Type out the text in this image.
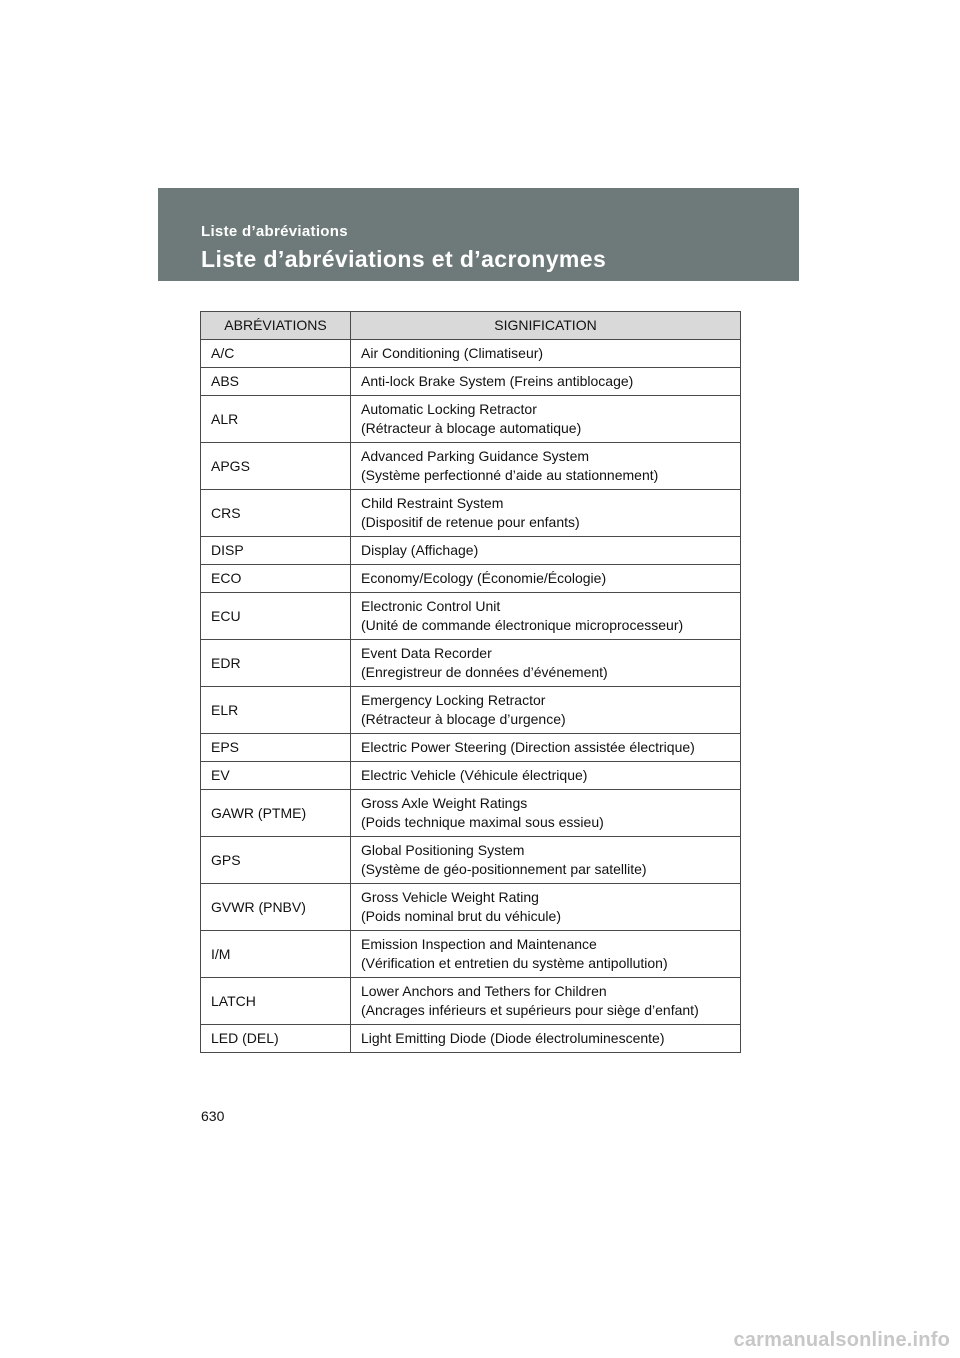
Liste d’abréviations
Liste d’abréviations et d’acronymes
ABRÉVIATIONS	SIGNIFICATION
A/C	Air Conditioning (Climatiseur)

ABS	Anti-lock Brake System (Freins antiblocage)

ALR	Automatic Locking Retractor
(Rétracteur à blocage automatique)

APGS	Advanced Parking Guidance System
(Système perfectionné d’aide au stationnement)

CRS	Child Restraint System
(Dispositif de retenue pour enfants)

DISP	Display (Affichage)

ECO	Economy/Ecology (Économie/Écologie)

ECU	Electronic Control Unit
(Unité de commande électronique microprocesseur)

EDR	Event Data Recorder
(Enregistreur de données d’événement)

ELR	Emergency Locking Retractor
(Rétracteur à blocage d’urgence)

EPS	Electric Power Steering (Direction assistée électrique)

EV	Electric Vehicle (Véhicule électrique)

GAWR (PTME)	Gross Axle Weight Ratings
(Poids technique maximal sous essieu)

GPS	Global Positioning System
(Système de géo-positionnement par satellite)

GVWR (PNBV)	Gross Vehicle Weight Rating
(Poids nominal brut du véhicule)

I/M	Emission Inspection and Maintenance
(Vérification et entretien du système antipollution)

LATCH	Lower Anchors and Tethers for Children
(Ancrages inférieurs et supérieurs pour siège d’enfant)

LED (DEL)	Light Emitting Diode (Diode électroluminescente)
630
carmanualsonline.info
